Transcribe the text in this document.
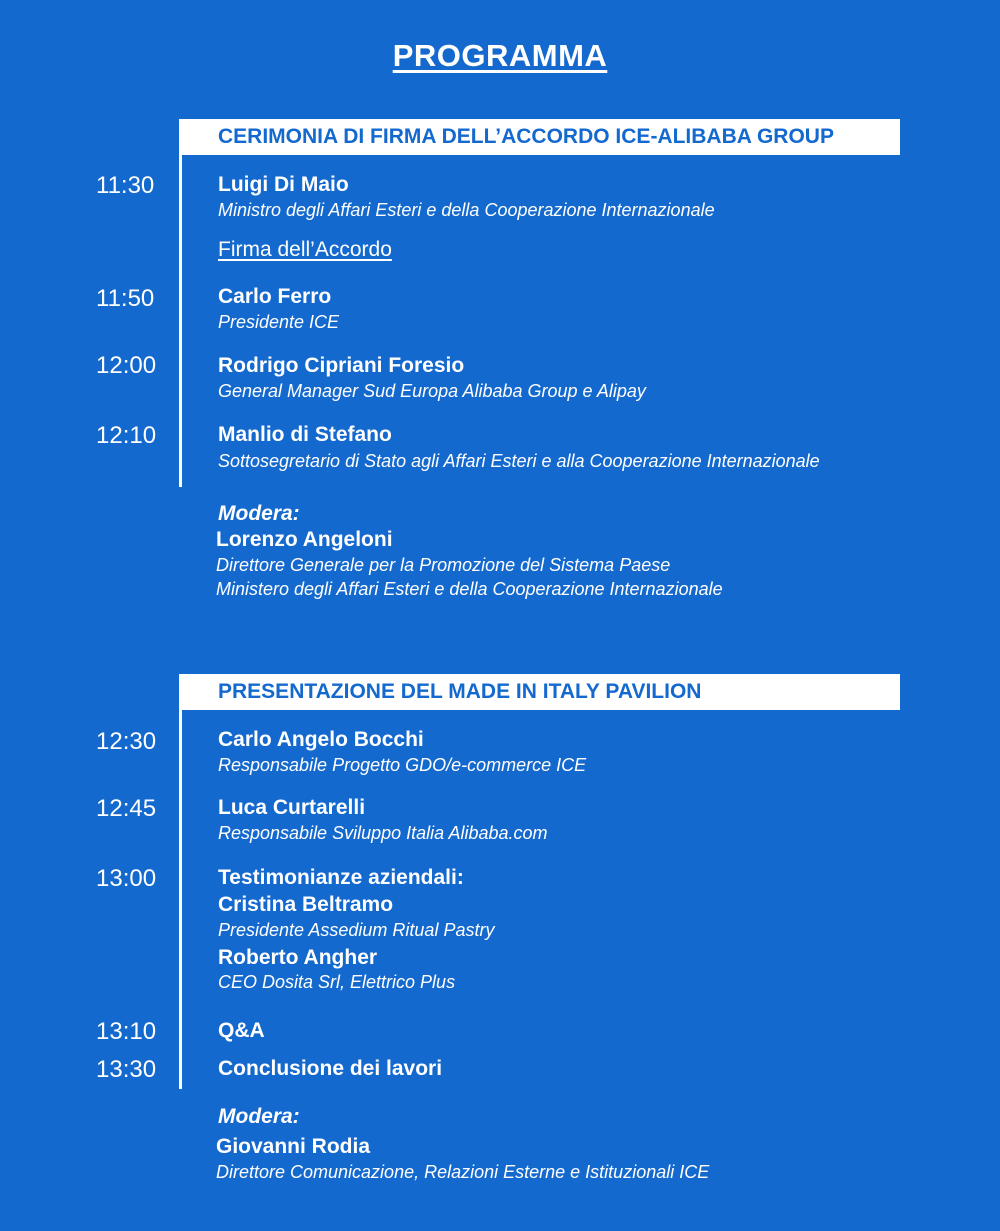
PROGRAMMA
CERIMONIA DI FIRMA DELL’ACCORDO ICE-ALIBABA GROUP
11:30	Luigi Di Maio
Ministro degli Affari Esteri e della Cooperazione Internazionale
Firma dell’Accordo
11:50	Carlo Ferro
Presidente ICE
12:00	Rodrigo Cipriani Foresio
General Manager Sud Europa Alibaba Group e Alipay
12:10	Manlio di Stefano
Sottosegretario di Stato agli Affari Esteri e alla Cooperazione Internazionale
Modera:
Lorenzo Angeloni
Direttore Generale per la Promozione del Sistema Paese
Ministero degli Affari Esteri e della Cooperazione Internazionale
PRESENTAZIONE DEL MADE IN ITALY PAVILION
12:30	Carlo Angelo Bocchi
Responsabile Progetto GDO/e-commerce ICE
12:45	Luca Curtarelli
Responsabile Sviluppo Italia Alibaba.com
13:00	Testimonianze aziendali:
Cristina Beltramo
Presidente Assedium Ritual Pastry
Roberto Angher
CEO Dosita Srl, Elettrico Plus
13:10	Q&A
13:30	Conclusione dei lavori
Modera:
Giovanni Rodia
Direttore Comunicazione, Relazioni Esterne e Istituzionali ICE
